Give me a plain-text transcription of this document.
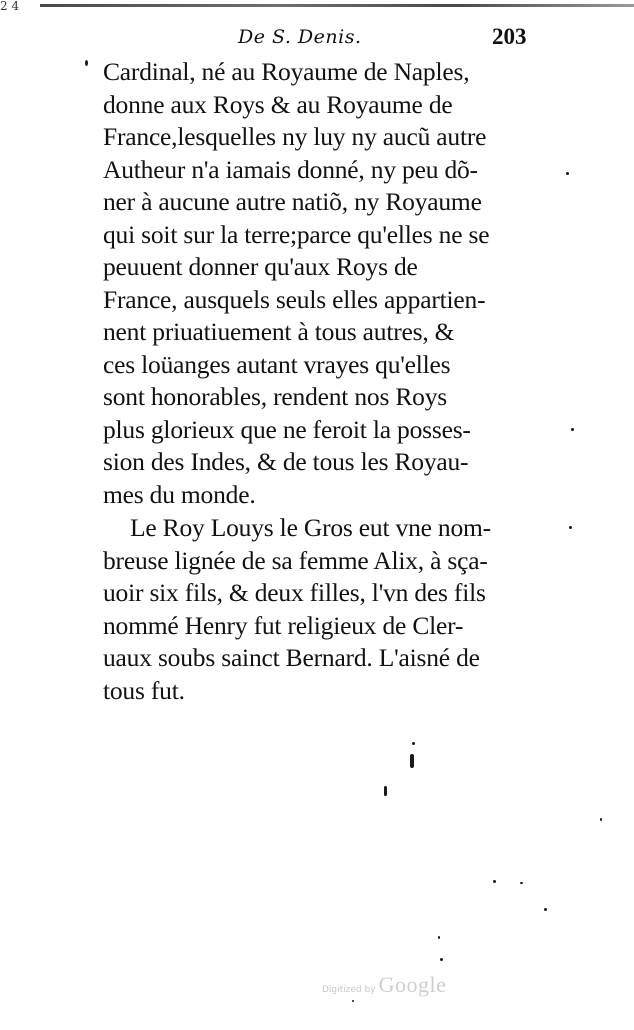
2 4
De S. Denis.	203
Cardinal, né au Royaume de Naples,
donne aux Roys & au Royaume de
France,lesquelles ny luy ny aucũ autre
Autheur n'a iamais donné, ny peu dõ-
ner à aucune autre natiõ, ny Royaume
qui soit sur la terre;parce qu'elles ne se
peuuent donner qu'aux Roys de
France, ausquels seuls elles appartien-
nent priuatiuement à tous autres, &
ces loüanges autant vrayes qu'elles
sont honorables, rendent nos Roys
plus glorieux que ne feroit la posses-
sion des Indes, & de tous les Royau-
mes du monde.
Le Roy Louys le Gros eut vne nom-
breuse lignée de sa femme Alix, à sça-
uoir six fils, & deux filles, l'vn des fils
nommé Henry fut religieux de Cler-
uaux soubs sainct Bernard. L'aisné de
tous fut.
Digitized by Google
